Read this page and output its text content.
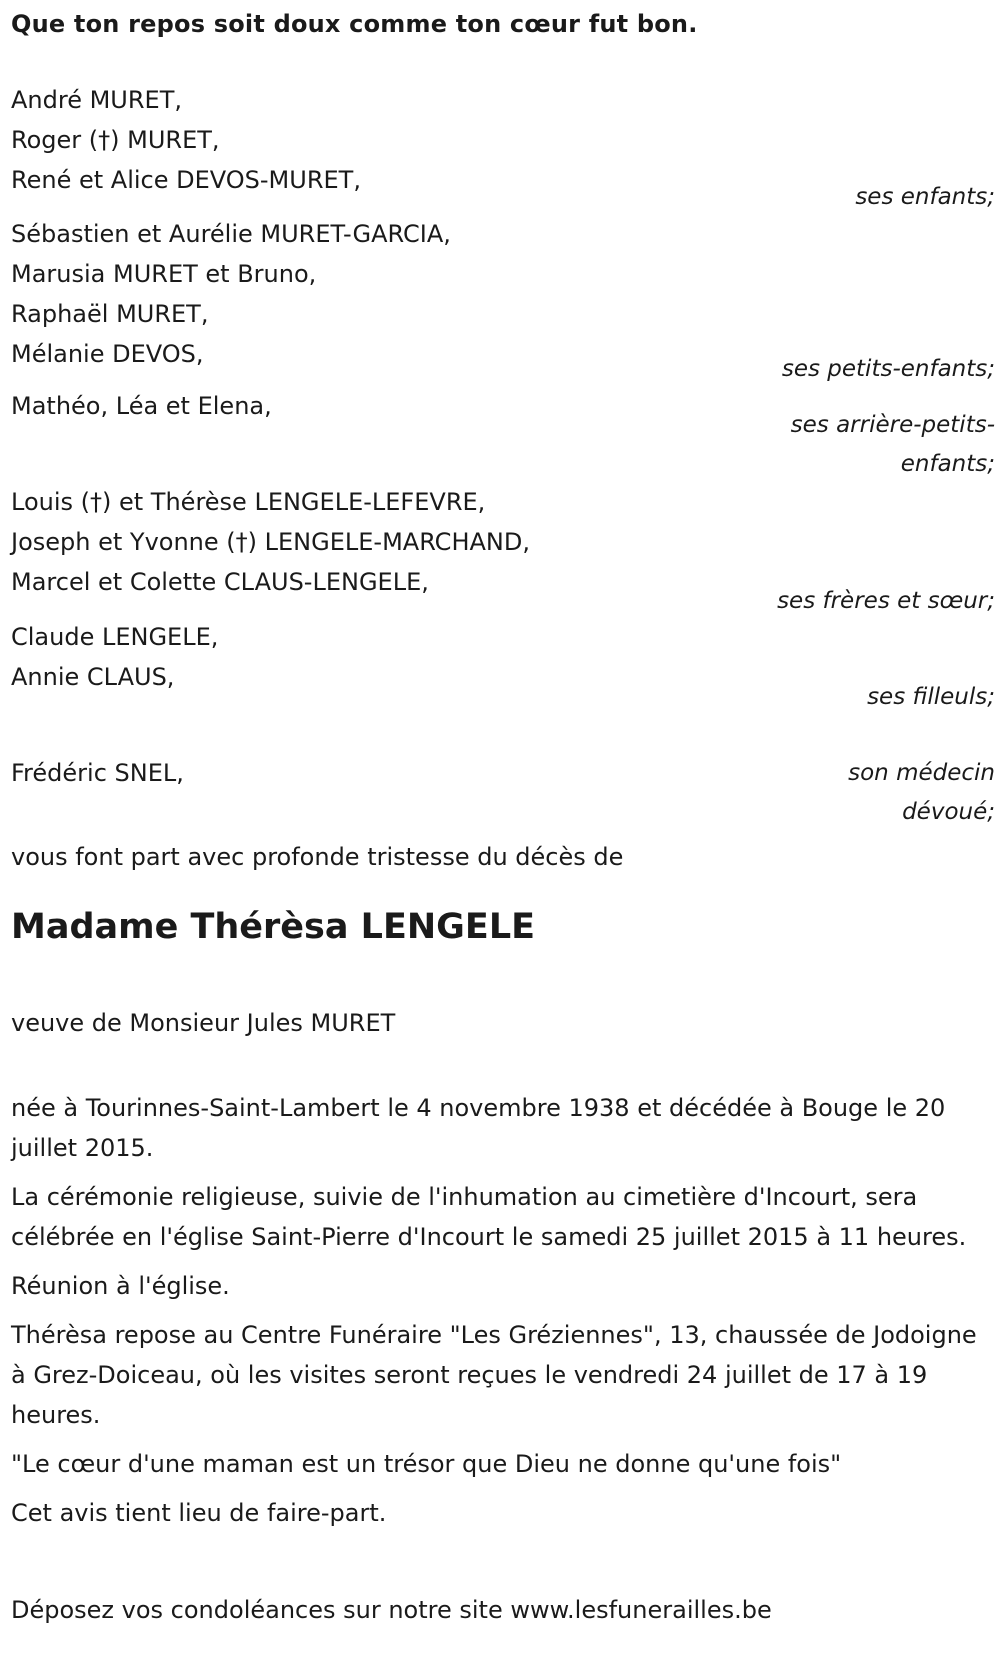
Que ton repos soit doux comme ton cœur fut bon.
André MURET,
Roger (†) MURET,
René et Alice DEVOS-MURET,
ses enfants;
Sébastien et Aurélie MURET-GARCIA,
Marusia MURET et Bruno,
Raphaël MURET,
Mélanie DEVOS,
ses petits-enfants;
Mathéo, Léa et Elena,
ses arrière-petits-enfants;
Louis (†) et Thérèse LENGELE-LEFEVRE,
Joseph et Yvonne (†) LENGELE-MARCHAND,
Marcel et Colette CLAUS-LENGELE,
ses frères et sœur;
Claude LENGELE,
Annie CLAUS,
ses filleuls;
Frédéric SNEL,	son médecin dévoué;
vous font part avec profonde tristesse du décès de
Madame Thérèsa LENGELE
veuve de Monsieur Jules MURET

née à Tourinnes-Saint-Lambert le 4 novembre 1938 et décédée à Bouge le 20 juillet 2015.

La cérémonie religieuse, suivie de l'inhumation au cimetière d'Incourt, sera célébrée en l'église Saint-Pierre d'Incourt le samedi 25 juillet 2015 à 11 heures.

Réunion à l'église.

Thérèsa repose au Centre Funéraire "Les Gréziennes", 13, chaussée de Jodoigne à Grez-Doiceau, où les visites seront reçues le vendredi 24 juillet de 17 à 19 heures.

"Le cœur d'une maman est un trésor que Dieu ne donne qu'une fois"

Cet avis tient lieu de faire-part.

Déposez vos condoléances sur notre site www.lesfunerailles.be
